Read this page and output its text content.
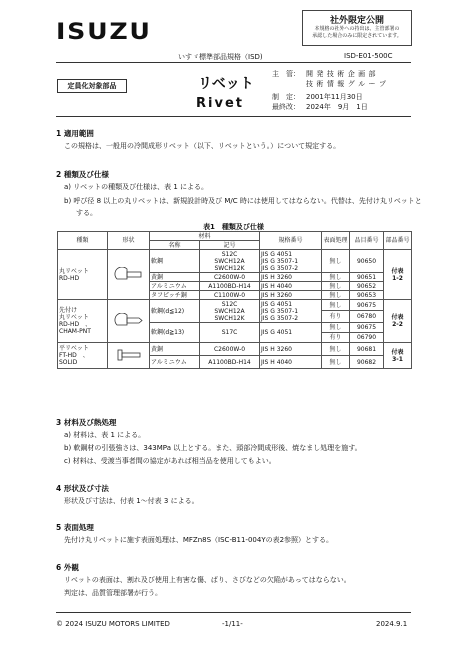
ISUZU	社外限定公開
本規格の社外への持出は、主管部署の
承認した場合のみに限定されています。
いすゞ標準部品規格（ISD)	ISD-E01-500C
定員化対象部品	リベット
Rivet
主　管： 開 発 技 術 企 画 部
技 術 情 報 グ ル ー プ
制　定： 2001年11月30日
最終改： 2024年　9月　1日
1 適用範囲
この規格は、一般用の冷間成形リベット（以下、リベットという。）について規定する。
2 種類及び仕様
a) リベットの種類及び仕様は、表 1 による。
b) 呼び径 8 以上の丸リベットは、新規設計時及び M/C 時には使用してはならない。代替は、先付け丸リベットと
する。
表1　種類及び仕様
種類	形状	材料		規格番号	表面処理	品目番号	部品番号
		名称	記号				
丸リベット
RD-HD		軟鋼	S12C
SWCH12A
SWCH12K	JIS G 4051
JIS G 3507-1
JIS G 3507-2	無し	90650	付表
1-2
		黄銅	C2600W-0	JIS H 3260	無し	90651	
		アルミニウム	A1100BD-H14	JIS H 4040	無し	90652	
		タフピッチ銅	C1100W-0	JIS H 3260	無し	90653	
先付け
丸リベット
RD-HD　、
CHAM-PNT		軟鋼(d≦12)	S12C
SWCH12A
SWCH12K	JIS G 4051
JIS G 3507-1
JIS G 3507-2	無し	90675	付表
2-2
					有り	06780	
		軟鋼(d≧13)	S17C	JIS G 4051	無し	90675	
					有り	06790	
平リベット
FT-HD　、
SOLID		黄銅	C2600W-0	JIS H 3260	無し	90681	付表
3-1
		アルミニウム	A1100BD-H14	JIS H 4040	無し	90682	
3 材料及び熱処理
a) 材料は、表 1 による。
b) 軟鋼材の引張強さは、343MPa 以上とする。また、頭部冷間成形後、焼なまし処理を施す。
c) 材料は、受渡当事者間の協定があれば相当品を使用してもよい。
4 形状及び寸法
形状及び寸法は、付表 1～付表 3 による。
5 表面処理
先付け丸リベットに施す表面処理は、MFZn8S（ISC-B11-004Yの表2参照）とする。
6 外観
リベットの表面は、割れ及び使用上有害な傷、ばり、さびなどの欠陥があってはならない。
判定は、品質管理部署が行う。
© 2024 ISUZU MOTORS LIMITED	-1/11-	2024.9.1
